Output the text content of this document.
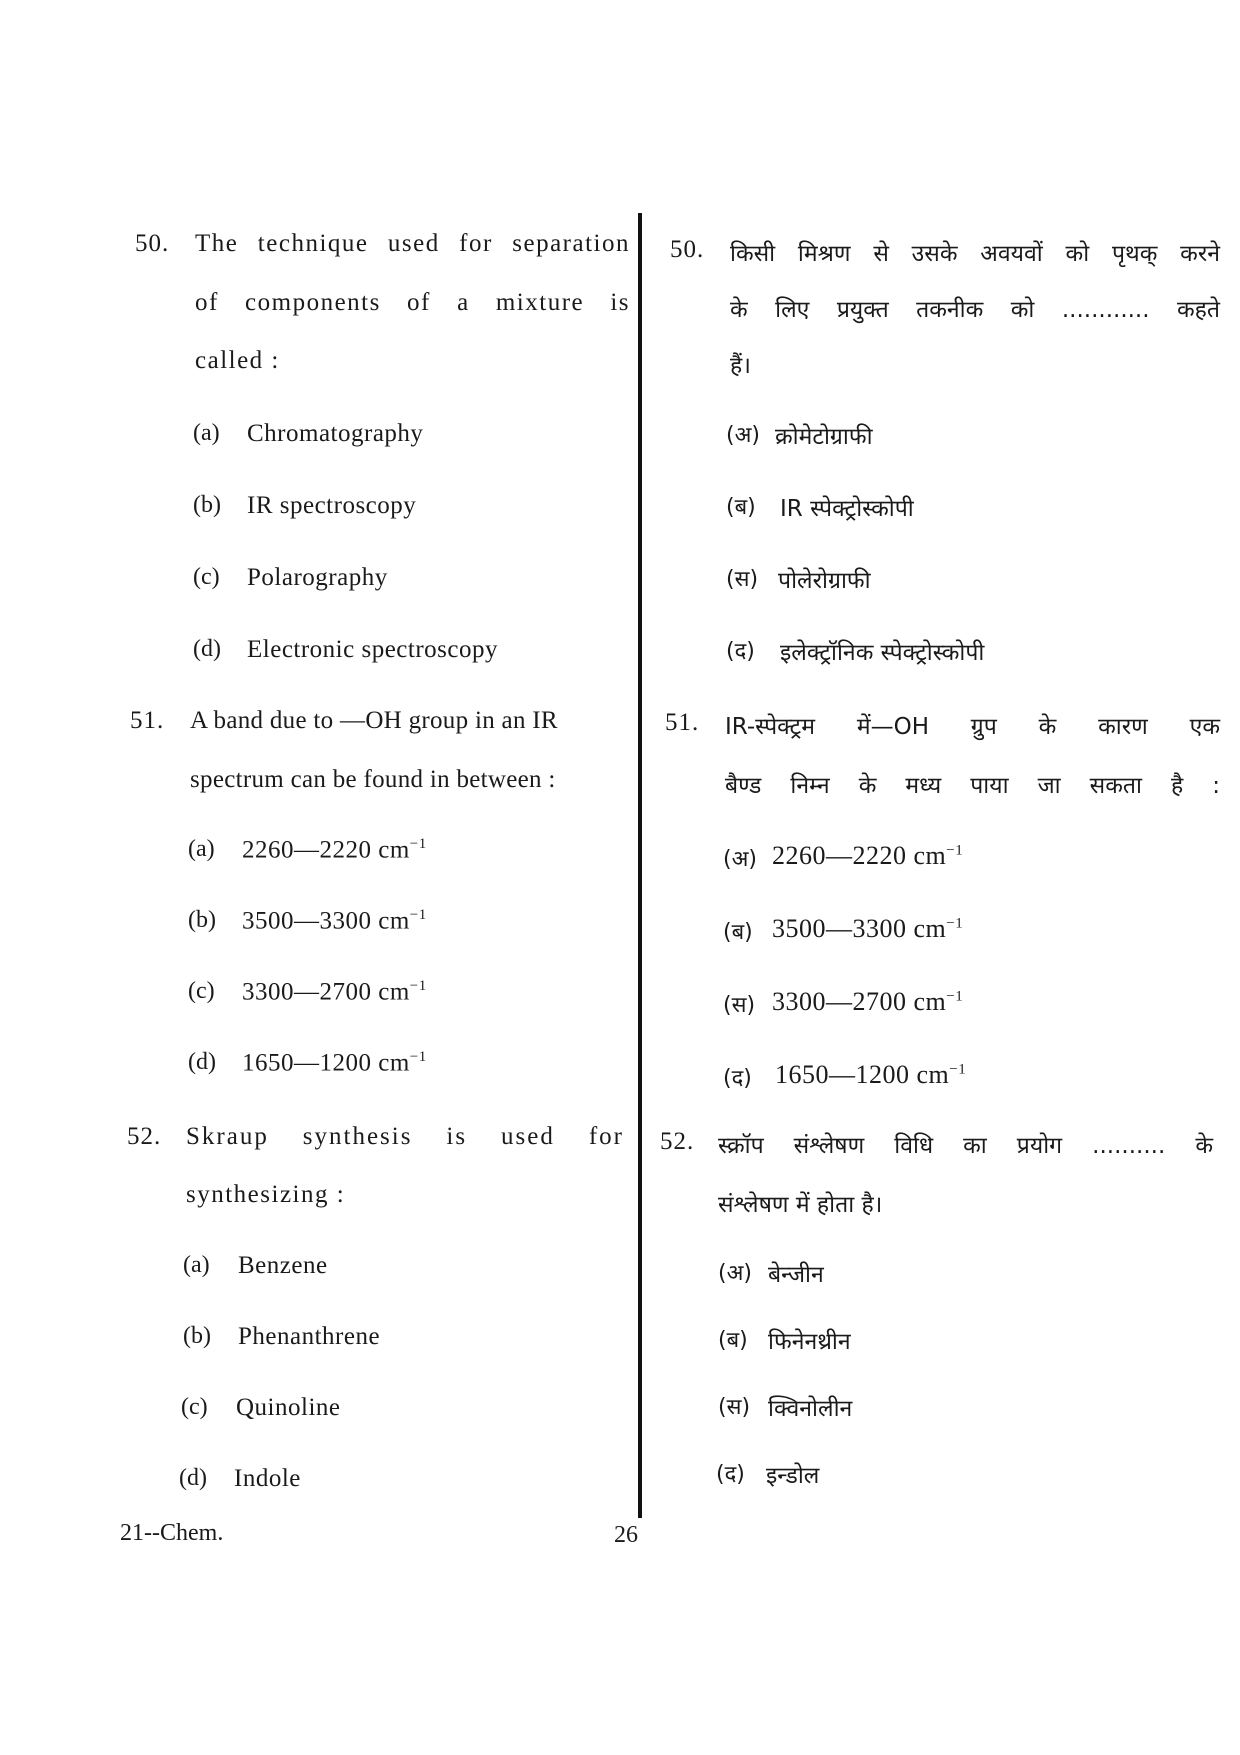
50. The technique used for separation
of components of a mixture is
called :
(a) Chromatography
(b) IR spectroscopy
(c) Polarography
(d) Electronic spectroscopy
51. A band due to —OH group in an IR
spectrum can be found in between :
(a) 2260—2220 $cm^{-1}$
(b) 3500—3300 $cm^{-1}$
(c) 3300—2700 $cm^{-1}$
(d) 1650—1200 $cm^{-1}$
52. Skraup synthesis is used for
synthesizing :
(a) Benzene
(b) Phenanthrene
(c) Quinoline
(d) Indole
21--Chem.	26
50. किसी मिश्रण से उसके अवयवों को पृथक् करने
के लिए प्रयुक्त तकनीक को ............ कहते
हैं।
(अ) क्रोमेटोग्राफी
(ब) IR स्पेक्ट्रोस्कोपी
(स) पोलेरोग्राफी
(द) इलेक्ट्रॉनिक स्पेक्ट्रोस्कोपी
51. IR-स्पेक्ट्रम में—OH ग्रुप के कारण एक
बैण्ड निम्न के मध्य पाया जा सकता है :
(अ) 2260—2220 $cm^{-1}$
(ब) 3500—3300 $cm^{-1}$
(स) 3300—2700 $cm^{-1}$
(द) 1650—1200 $cm^{-1}$
52. स्क्रॉप संश्लेषण विधि का प्रयोग .......... के
संश्लेषण में होता है।
(अ) बेन्जीन
(ब) फिनेनथ्रीन
(स) क्विनोलीन
(द) इन्डोल
